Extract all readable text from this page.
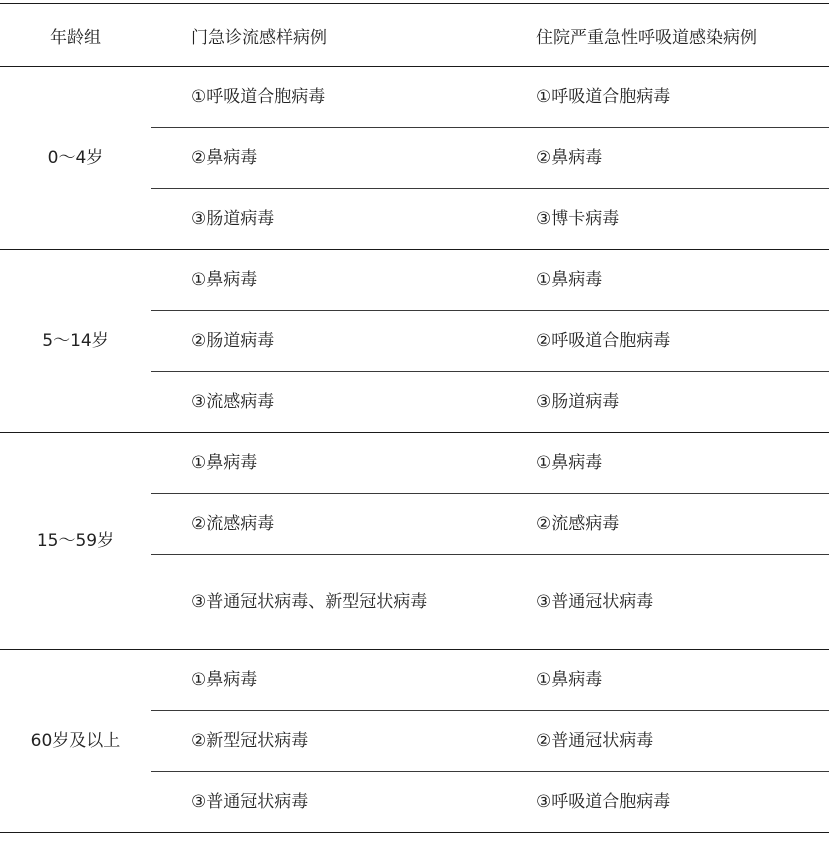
年龄组	门急诊流感样病例	住院严重急性呼吸道感染病例
0～4岁	①呼吸道合胞病毒	①呼吸道合胞病毒
	②鼻病毒	②鼻病毒
	③肠道病毒	③博卡病毒
5～14岁	①鼻病毒	①鼻病毒
	②肠道病毒	②呼吸道合胞病毒
	③流感病毒	③肠道病毒
15～59岁	①鼻病毒	①鼻病毒
	②流感病毒	②流感病毒
	③普通冠状病毒、新型冠状病毒	③普通冠状病毒
60岁及以上	①鼻病毒	①鼻病毒
	②新型冠状病毒	②普通冠状病毒
	③普通冠状病毒	③呼吸道合胞病毒
